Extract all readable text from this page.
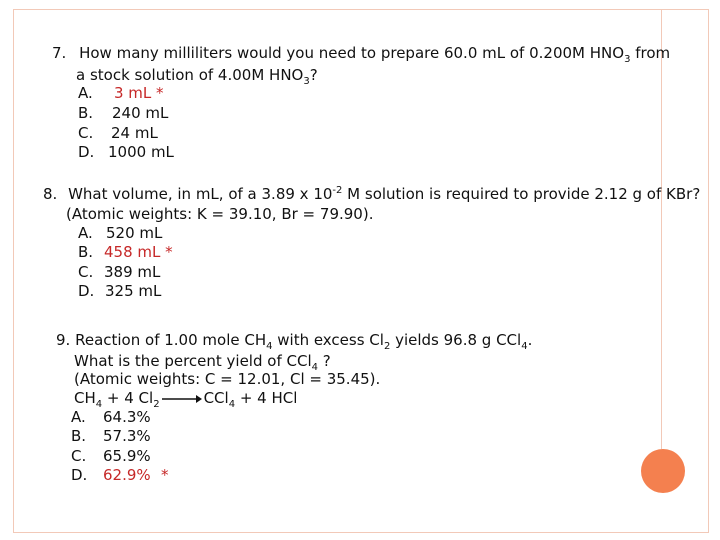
7. How many milliliters would you need to prepare 60.0 mL of 0.200M $HNO_3$ from
a stock solution of 4.00M $HNO_3$?
A. 3 mL *
B. 240 mL
C. 24 mL
D. 1000 mL
8. What volume, in mL, of a 3.89 x $10^{-2}$ M solution is required to provide 2.12 g of KBr?
(Atomic weights: K = 39.10, Br = 79.90).
A. 520 mL
B. 458 mL *
C. 389 mL
D. 325 mL
9. Reaction of 1.00 mole $CH_4$ with excess $Cl_2$ yields 96.8 g CCl$_4$.
What is the percent yield of CCl$_4$ ?
(Atomic weights: C = 12.01, Cl = 35.45).
$CH_4 + 4$ $Cl_2 \to CCl_4 + 4$ HCl
A. 64.3%
B. 57.3%
C. 65.9%
D. 62.9% *
